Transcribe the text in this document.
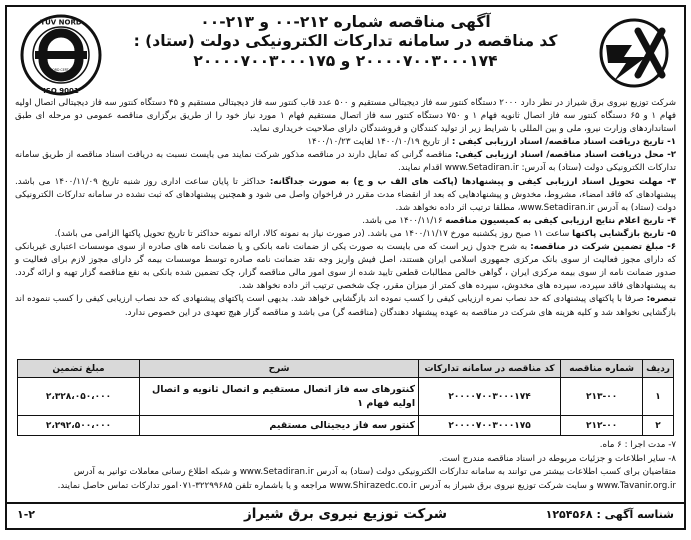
آگهی مناقصه شماره ۲۱۲-۰۰ و ۲۱۳-۰۰
کد مناقصه در سامانه تدارکات الکترونیکی دولت (ستاد) :
۲۰۰۰۰۷۰۰۳۰۰۰۱۷۴ و ۲۰۰۰۰۷۰۰۳۰۰۰۱۷۵
TÜV NORD
ISO 9001
TÜV NORD CERT GmbH

شرکت توزیع نیروی برق شیراز در نظر دارد ۲۰۰۰ دستگاه کنتور سه فاز دیجیتالی مستقیم و ۵۰۰ عدد قاب کنتور سه فاز دیجیتالی مستقیم و ۴۵ دستگاه کنتور سه فاز دیجیتالی اتصال اولیه فهام ۱ و ۶۵ دستگاه کنتور سه فاز اتصال ثانویه فهام ۱ و ۷۵۰ دستگاه کنتور سه فاز اتصال مستقیم فهام ۱ مورد نیاز خود را از طریق برگزاری مناقصه عمومی دو مرحله ای طبق استانداردهای وزارت نیرو، ملی و بین المللی با شرایط زیر از تولید کنندگان و فروشندگان دارای صلاحیت خریداری نماید.

۱- تاریخ دریافت اسناد مناقصه/ اسناد ارزیابی کیفی : از تاریخ ۱۴۰۰/۱۰/۱۹ لغایت ۱۴۰۰/۱۰/۲۳

۲- محل دریافت اسناد مناقصه/ اسناد ارزیابی کیفی: مناقصه گرانی که تمایل دارند در مناقصه مذکور شرکت نمایند می بایست نسبت به دریافت اسناد مناقصه از طریق سامانه تدارکات الکترونیکی دولت (ستاد) به آدرس: www.Setadiran.ir اقدام نمایند.

۳- مهلت تحویل اسناد ارزیابی کیفی و پیشنهادها (پاکت های الف ب و ج) به صورت جداگانه: حداکثر تا پایان ساعت اداری روز شنبه تاریخ ۱۴۰۰/۱۱/۰۹ می باشد. پیشنهادهای که فاقد امضاء، مشروط، مخدوش و پیشنهادهایی که بعد از انقضاء مدت مقرر در فراخوان واصل می شود و همچنین پیشنهادهای که ثبت نشده در سامانه تدارکات الکترونیکی دولت (ستاد) به آدرس www.Setadiran.ir، مطلقا ترتیب اثر داده نخواهد شد.

۴- تاریخ اعلام نتایج ارزیابی کیفی به کمیسیون مناقصه ۱۴۰۰/۱۱/۱۶ می باشد.

۵- تاریخ بازگشایی پاکتها ساعت ۱۱ صبح روز یکشنبه مورخ ۱۴۰۰/۱۱/۱۷ می باشد. (در صورت نیاز به نمونه کالا، ارائه نمونه حداکثر تا تاریخ تحویل پاکتها الزامی می باشد).

۶- مبلغ تضمین شرکت در مناقصه: به شرح جدول زیر است که می بایست به صورت یکی از ضمانت نامه بانکی و یا ضمانت نامه های صادره از سوی موسسات اعتباری غیربانکی که دارای مجوز فعالیت از سوی بانک مرکزی جمهوری اسلامی ایران هستند، اصل فیش واریز وجه نقد ضمانت نامه صادره توسط موسسات بیمه گر دارای مجوز لازم برای فعالیت و صدور ضمانت نامه از سوی بیمه مرکزی ایران ، گواهی خالص مطالبات قطعی تایید شده از سوی امور مالی مناقصه گزار، چک تضمین شده بانکی به نفع مناقصه گزار تهیه و ارائه گردد. به پیشنهادهای فاقد سپرده، سپرده های مخدوش، سپرده های کمتر از میزان مقرر، چک شخصی ترتیب اثر داده نخواهد شد.

تبصره: صرفا با پاکتهای پیشنهادی که حد نصاب نمره ارزیابی کیفی را کسب نموده اند بازگشایی خواهد شد. بدیهی است پاکتهای پیشنهادی که حد نصاب ارزیابی کیفی را کسب ننموده اند بازگشایی نخواهد شد و کلیه هزینه های شرکت در مناقصه به عهده پیشنهاد دهندگان (مناقصه گر) می باشد و مناقصه گزار هیچ تعهدی در این خصوص ندارد.

ردیف	شماره مناقصه	کد مناقصه در سامانه تدارکات	شرح	مبلغ تضمین
۱	۲۱۳-۰۰	۲۰۰۰۰۷۰۰۳۰۰۰۱۷۴	کنتورهای سه فاز اتصال مستقیم و اتصال ثانویه و اتصال اولیه فهام ۱	۲،۳۲۸،۰۵۰،۰۰۰
۲	۲۱۲-۰۰	۲۰۰۰۰۷۰۰۳۰۰۰۱۷۵	کنتور سه فاز دیجیتالی مستقیم	۲،۲۹۲،۵۰۰،۰۰۰

۷- مدت اجرا : ۶ ماه.

۸- سایر اطلاعات و جزئیات مربوطه در اسناد مناقصه مندرج است.

متقاضیان برای کسب اطلاعات بیشتر می توانند به سامانه تدارکات الکترونیکی دولت (ستاد) به آدرس www.Setadiran.ir و شبکه اطلاع رسانی معاملات توانیر به آدرس www.Tavanir.org.ir و سایت شرکت توزیع نیروی برق شیراز به آدرس www.Shirazedc.co.ir مراجعه و یا باشماره تلفن ۳۲۲۹۹۶۸۵-۰۷۱امور تدارکات تماس حاصل نمایند.

شناسه آگهی : ۱۲۵۴۵۶۸
شرکت توزیع نیروی برق شیراز
۱-۲
